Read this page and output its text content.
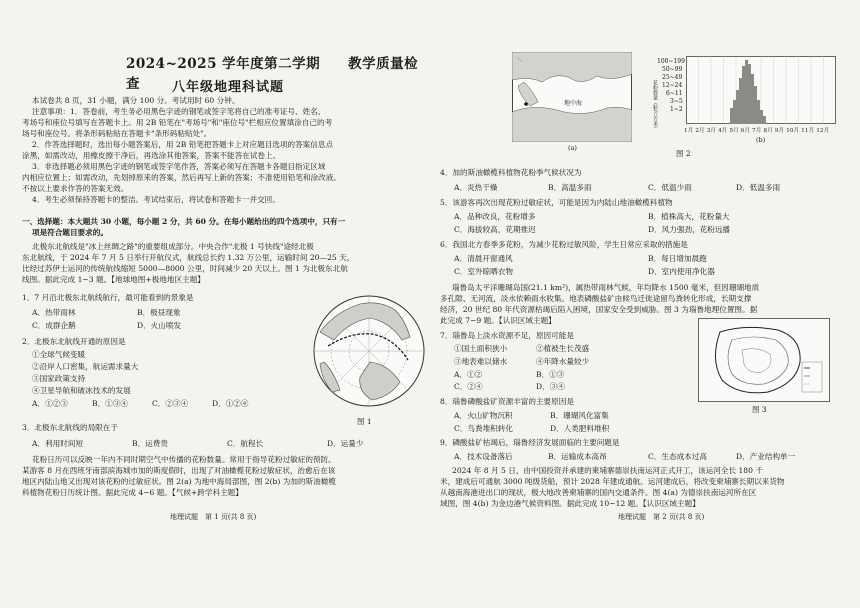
2024~2025 学年度第二学期　　教学质量检查	八年级地理科试题
本试卷共 8 页，31 小题，满分 100 分。考试用时 60 分钟。
注意事项：1．答卷前，考生务必用黑色字迹的钢笔或签字笔将自己的准考证号、姓名、
考场号和座位号填写在答题卡上。用 2B 铅笔在"考场号"和"座位号"栏相应位置填涂自己的考
场号和座位号。将条形码粘贴在答题卡"条形码粘贴处"。
2．作答选择题时，选出每小题答案后，用 2B 铅笔把答题卡上对应题目选项的答案信息点
涂黑，如需改动，用橡皮擦干净后，再选涂其他答案，答案不能答在试卷上。
3．非选择题必须用黑色字迹的钢笔或签字笔作答，答案必须写在答题卡各题目指定区域
内相应位置上；如需改动，先划掉原来的答案，然后再写上新的答案；不准使用铅笔和涂改液。
不按以上要求作答的答案无效。
4．考生必须保持答题卡的整洁。考试结束后，将试卷和答题卡一并交回。
一、选择题：本大题共 30 小题，每小题 2 分，共 60 分。在每小题给出的四个选项中，只有一
项是符合题目要求的。
北极东北航线是"冰上丝绸之路"的重要组成部分。中央合作"北极 1 号快线"途经北极
东北航线，于 2024 年 7 月 5 日举行开航仪式，航线总长约 1.32 万公里，运输时间 20—25 天，
比经过苏伊士运河的传统航线缩短 5000—8000 公里，时间减少 20 天以上。图 1 为北极东北航
线图。据此完成 1~3 题。【地球地图+极地地区主题】
1．7 月沿北极东北航线航行，最可能看到的景象是
A．热带雨林	B．极昼现象
C．成群企鹅	D．火山喷发
2．北极东北航线开通的原因是
①全球气候变暖
②沿岸人口密集，航运需求量大
③国家政策支持
④卫星导航和破冰技术的发展
A．①②③	B．①③④	C．②③④	D．①②④
3．北极东北航线的局限在于
A．利用时间短	B．运费贵	C．航程长	D．运量少
花粉日历可以反映一年内不同时期空气中传播的花粉数量。常用于指导花粉过敏症的预防。
某游客 8 月在西班牙南部滨海城市加的斯度假时，出现了对油橄榄花粉过敏症状，治愈后在该
地区内陆山地又出现对该花粉的过敏症状。图 2(a) 为地中海局部图，图 2(b) 为加的斯油橄榄
科植物花粉日历统计图。据此完成 4~6 题。【气候+跨学科主题】
图 1
地理试题　第 1 页(共 8 页)
地中海
(a)
100~199
50~99
25~49
12~24
6~11
3~5
1~2
花粉数量（粒/立方米）	1月 2月 3月 4月 5月 6月 7月 8月 9月 10月 11月 12月
(b)
图 2
4．加的斯油橄榄科植物花粉季气候状况为
A．炎热干燥	B．高温多雨	C．低温少雨	D．低温多雨
5．该游客再次出现花粉过敏症状，可能是因为内陆山地油橄榄科植物
A．品种改良，花粉增多	B．植株高大，花粉量大
C．海拔较高，花期推迟	D．风力强劲，花粉远播
6．我国北方春季多花粉，为减少花粉过敏风险，学生日常应采取的措施是
A．清晨开窗通风	B．每日增加晨跑
C．室外晾晒衣物	D．室内使用净化器
瑙鲁岛太平洋珊瑚岛国(21.1 km²)，属热带雨林气候，年均降水 1500 毫米，但因珊瑚地质
多孔隙、无河流，淡水依赖雨水收集。地表磷酸盐矿由候鸟迁徙途留鸟粪转化形成，长期支撑
经济，20 世纪 80 年代资源枯竭后陷入困境，国家安全受到威胁。图 3 为瑙鲁地理位置图。据
此完成 7~9 题。【认识区域主题】
7．瑙鲁岛上淡水资源不足，原因可能是
①国土面积狭小	②植被生长茂盛
③地表难以储水	④年降水量较少
A．①②	B．①③
C．②④	D．③④
8．瑙鲁磷酸盐矿资源丰富的主要原因是
A．火山矿物沉积	B．珊瑚风化富集
C．鸟粪堆积转化	D．人类肥料堆积
9．磷酸盐矿枯竭后，瑙鲁经济发展面临的主要问题是
A．技术设备落后	B．运输成本高昂	C．生态成本过高	D．产业结构单一
2024 年 8 月 5 日，由中国投资并承建的柬埔寨德崇扶南运河正式开工，该运河全长 180 千
米，建成后可通航 3000 吨级货船，预计 2028 年建成通航。运河建成后，将改变柬埔寨长期以来货物
从越南海港进出口的现状，极大地改善柬埔寨的国内交通条件。图 4(a) 为德崇扶南运河所在区
域图，图 4(b) 为金边港气候资料图。据此完成 10~12 题。【认识区域主题】
图 3
地理试题　第 2 页(共 8 页)
